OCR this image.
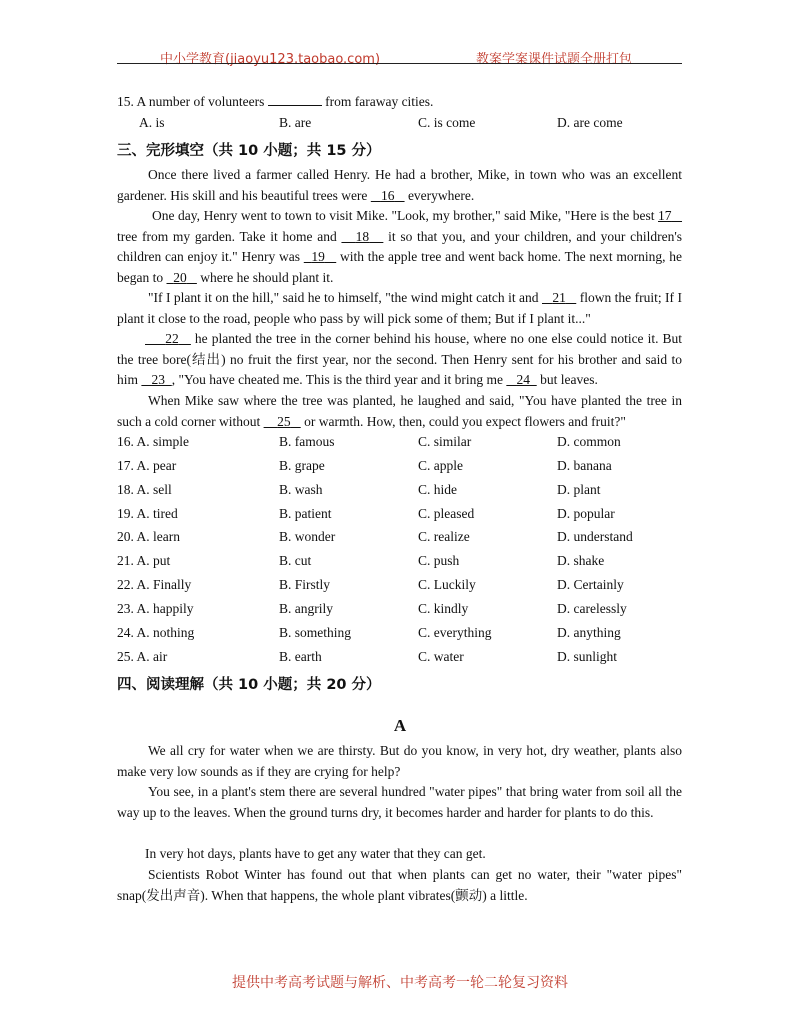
中小学教育(jiaoyu123.taobao.com)	教案学案课件试题全册打包
15. A number of volunteers	from faraway cities.
A. is	B. are	C. is come	D. are come
三、完形填空（共 10 小题；共 15 分）
Once there lived a farmer called Henry. He had a brother, Mike, in town who was an excellent gardener. His skill and his beautiful trees were    16    everywhere.
One day, Henry went to town to visit Mike. "Look, my brother," said Mike, "Here is the best 17    tree from my garden. Take it home and    18    it so that you, and your children, and your children's children can enjoy it." Henry was   19    with the apple tree and went back home. The next morning, he began to   20    where he should plant it.
"If I plant it on the hill," said he to himself, "the wind might catch it and    21    flown the fruit; If I plant it close to the road, people who pass by will pick some of them; But if I plant it..."
22    he planted the tree in the corner behind his house, where no one else could notice it. But the tree bore(结出) no fruit the first year, nor the second. Then Henry sent for his brother and said to him    23 , "You have cheated me. This is the third year and it bring me    24   but leaves.
When Mike saw where the tree was planted, he laughed and said, "You have planted the tree in such a cold corner without     25    or warmth. How, then, could you expect flowers and fruit?"
16. A. simple	B. famous	C. similar	D. common
17. A. pear	B. grape	C. apple	D. banana
18. A. sell	B. wash	C. hide	D. plant
19. A. tired	B. patient	C. pleased	D. popular
20. A. learn	B. wonder	C. realize	D. understand
21. A. put	B. cut	C. push	D. shake
22. A. Finally	B. Firstly	C. Luckily	D. Certainly
23. A. happily	B. angrily	C. kindly	D. carelessly
24. A. nothing	B. something	C. everything	D. anything
25. A. air	B. earth	C. water	D. sunlight
四、阅读理解（共 10 小题；共 20 分）
A
We all cry for water when we are thirsty. But do you know, in very hot, dry weather, plants also make very low sounds as if they are crying for help?
You see, in a plant's stem there are several hundred "water pipes" that bring water from soil all the way up to the leaves. When the ground turns dry, it becomes harder and harder for plants to do this.
In very hot days, plants have to get any water that they can get.
Scientists Robot Winter has found out that when plants can get no water, their "water pipes" snap(发出声音). When that happens, the whole plant vibrates(颤动) a little.
提供中考高考试题与解析、中考高考一轮二轮复习资料
